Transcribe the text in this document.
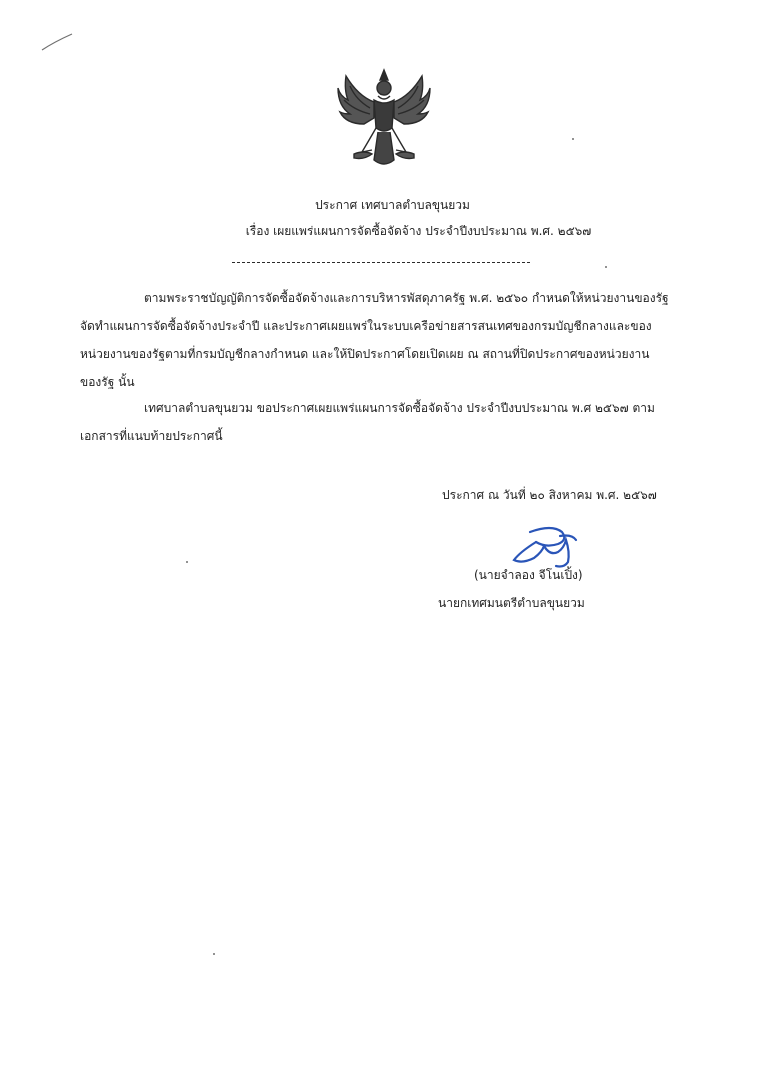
ประกาศ เทศบาลตำบลขุนยวม
เรื่อง เผยแพร่แผนการจัดซื้อจัดจ้าง ประจำปีงบประมาณ พ.ศ. ๒๕๖๗
ตามพระราชบัญญัติการจัดซื้อจัดจ้างและการบริหารพัสดุภาครัฐ พ.ศ. ๒๕๖๐ กำหนดให้หน่วยงานของรัฐ
จัดทำแผนการจัดซื้อจัดจ้างประจำปี และประกาศเผยแพร่ในระบบเครือข่ายสารสนเทศของกรมบัญชีกลางและของ
หน่วยงานของรัฐตามที่กรมบัญชีกลางกำหนด และให้ปิดประกาศโดยเปิดเผย ณ สถานที่ปิดประกาศของหน่วยงาน
ของรัฐ นั้น
เทศบาลตำบลขุนยวม ขอประกาศเผยแพร่แผนการจัดซื้อจัดจ้าง ประจำปีงบประมาณ พ.ศ ๒๕๖๗ ตาม
เอกสารที่แนบท้ายประกาศนี้
ประกาศ ณ วันที่ ๒๐ สิงหาคม พ.ศ. ๒๕๖๗
(นายจำลอง จีโนเปิ้ง)
นายกเทศมนตรีตำบลขุนยวม
